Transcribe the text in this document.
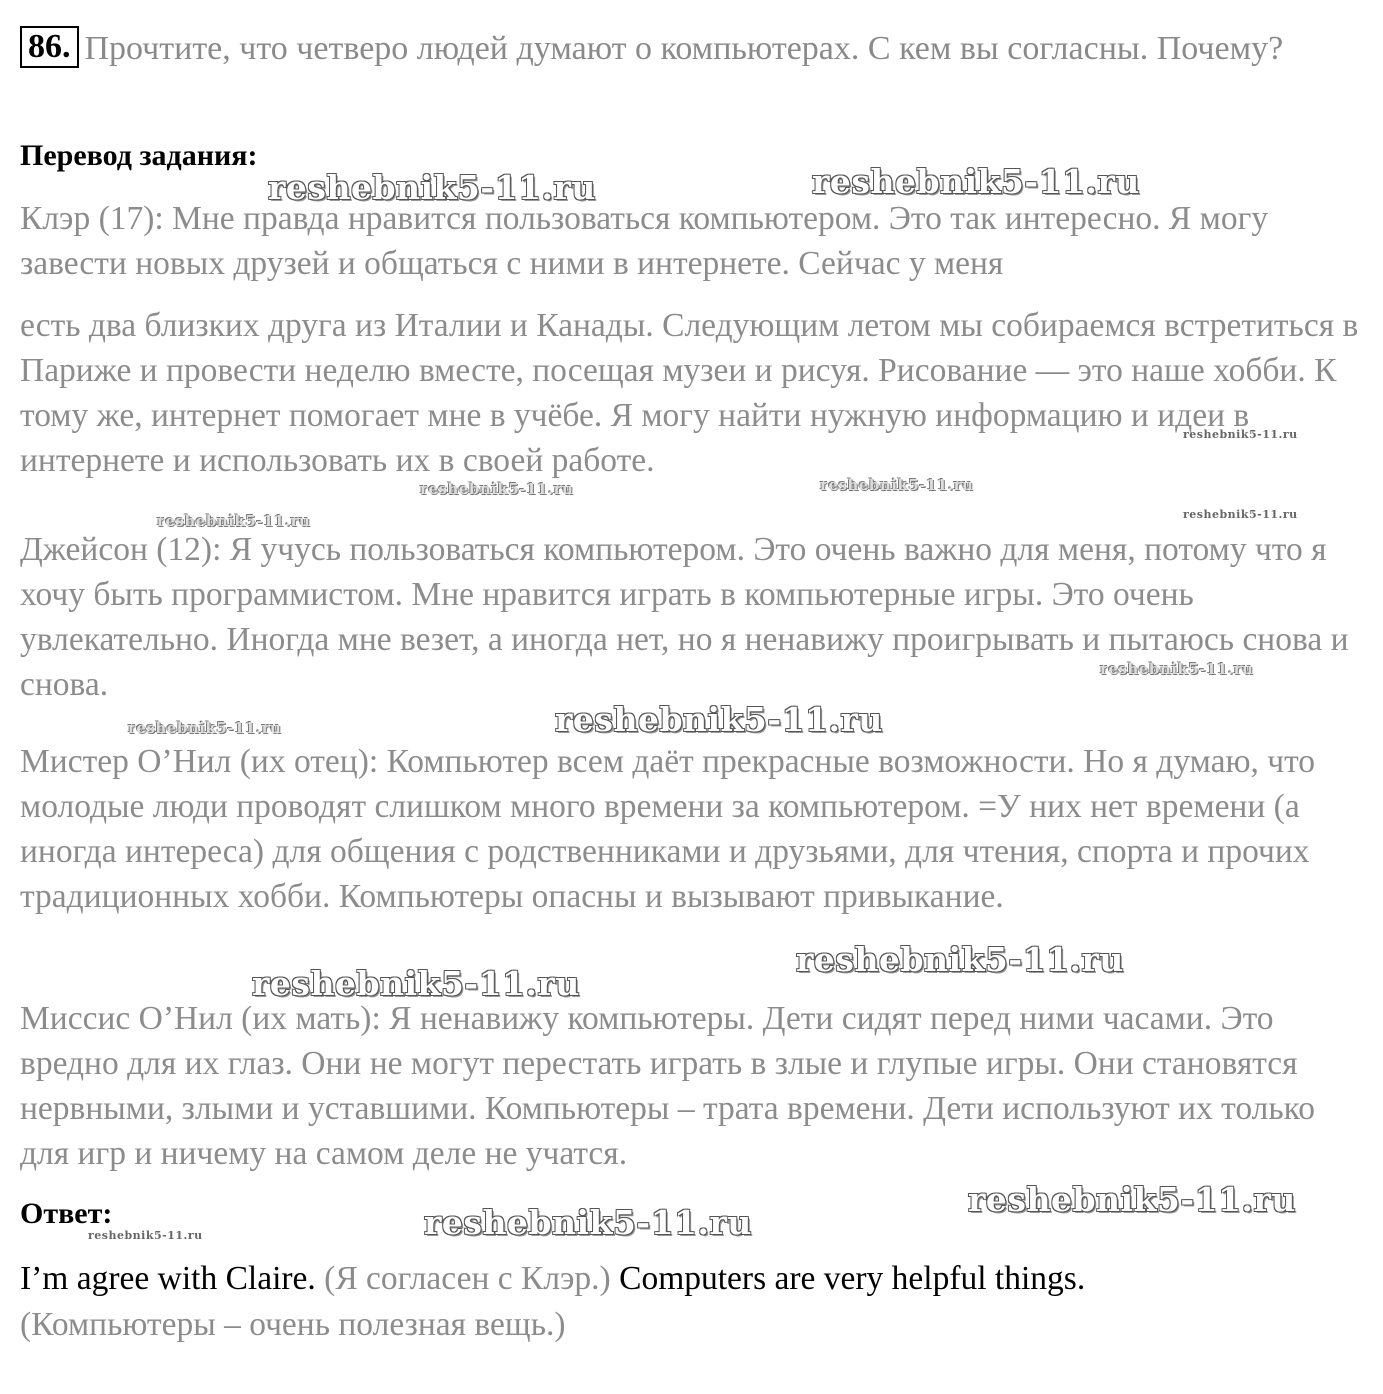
86. Прочтите, что четверо людей думают о компьютерах. С кем вы согласны. Почему?
Перевод задания:

Клэр (17): Мне правда нравится пользоваться компьютером. Это так интересно. Я могу завести новых друзей и общаться с ними в интернете. Сейчас у меня

есть два близких друга из Италии и Канады. Следующим летом мы собираемся встретиться в Париже и провести неделю вместе, посещая музеи и рисуя. Рисование — это наше хобби. К тому же, интернет помогает мне в учёбе. Я могу найти нужную информацию и идеи в интернете и использовать их в своей работе.

Джейсон (12): Я учусь пользоваться компьютером. Это очень важно для меня, потому что я хочу быть программистом. Мне нравится играть в компьютерные игры. Это очень увлекательно. Иногда мне везет, а иногда нет, но я ненавижу проигрывать и пытаюсь снова и снова.

Мистер О’Нил (их отец): Компьютер всем даёт прекрасные возможности. Но я думаю, что молодые люди проводят слишком много времени за компьютером. =У них нет времени (а иногда интереса) для общения с родственниками и друзьями, для чтения, спорта и прочих традиционных хобби. Компьютеры опасны и вызывают привыкание.

Миссис О’Нил (их мать): Я ненавижу компьютеры. Дети сидят перед ними часами. Это вредно для их глаз. Они не могут перестать играть в злые и глупые игры. Они становятся нервными, злыми и уставшими. Компьютеры – трата времени. Дети используют их только для игр и ничему на самом деле не учатся.

Ответ:
I’m agree with Claire. (Я согласен с Клэр.) Computers are very helpful things.
(Компьютеры – очень полезная вещь.)
reshebnik5-11.ru	reshebnik5-11.ru
reshebnik5-11.ru	reshebnik5-11.ru
reshebnik5-11.ru
reshebnik5-11.ru
reshebnik5-11.ru
reshebnik5-11.ru
reshebnik5-11.ru
reshebnik5-11.ru
reshebnik5-11.ru
reshebnik5-11.ru
reshebnik5-11.ru
reshebnik5-11.ru
reshebnik5-11.ru
